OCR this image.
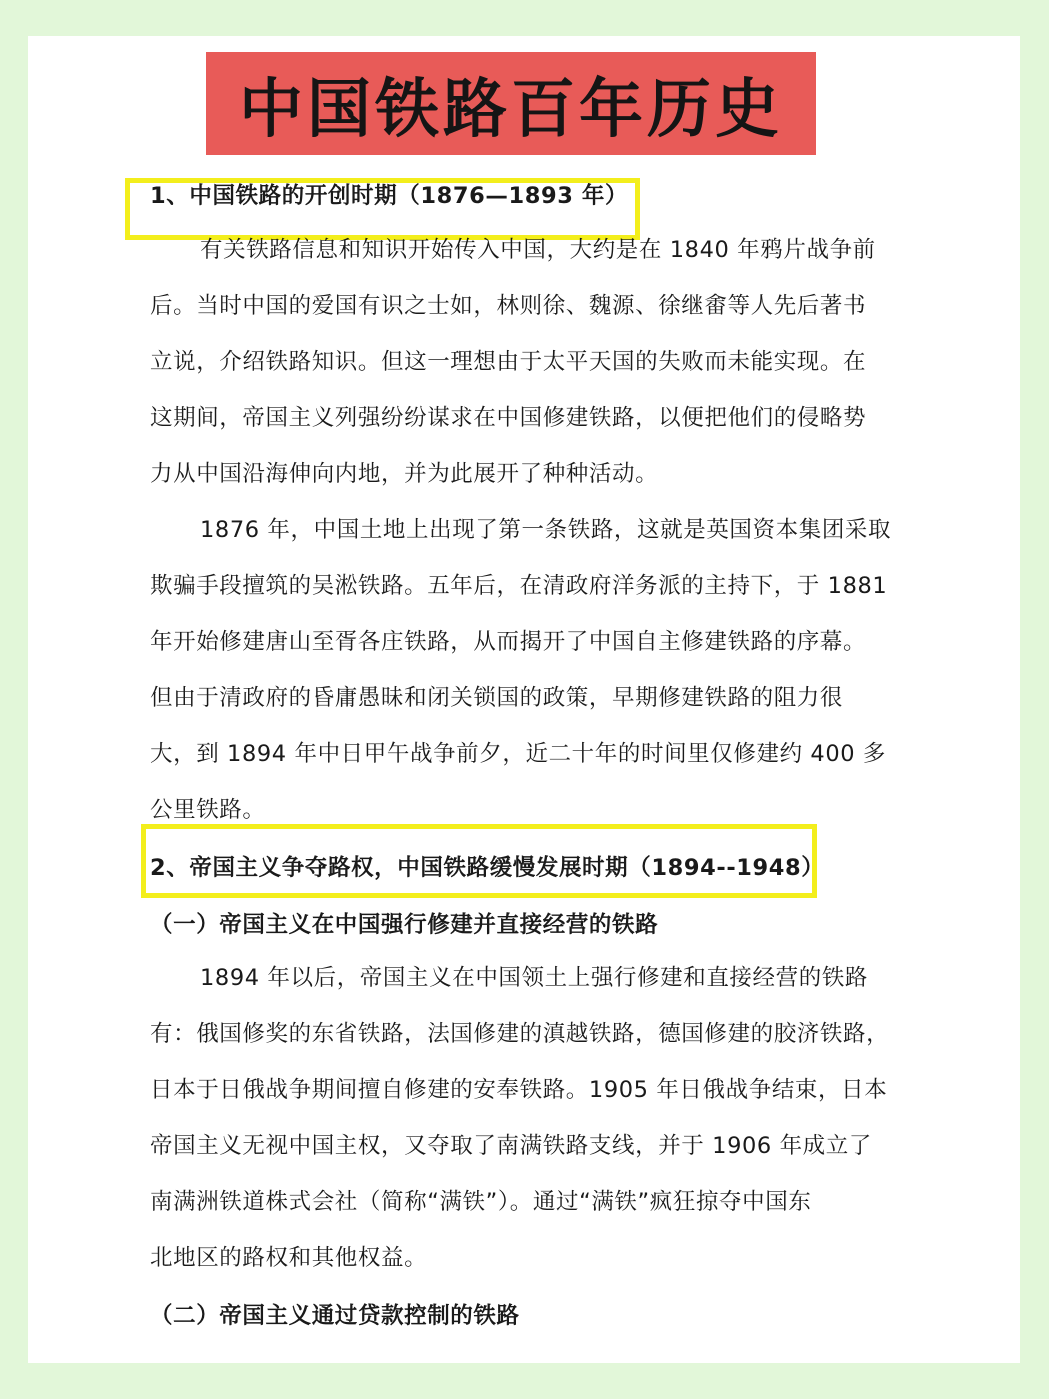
中国铁路百年历史

1、中国铁路的开创时期（1876—1893 年）

有关铁路信息和知识开始传入中国，大约是在 1840 年鸦片战争前
后。当时中国的爱国有识之士如，林则徐、魏源、徐继畬等人先后著书
立说，介绍铁路知识。但这一理想由于太平天国的失败而未能实现。在
这期间，帝国主义列强纷纷谋求在中国修建铁路，以便把他们的侵略势
力从中国沿海伸向内地，并为此展开了种种活动。
1876 年，中国土地上出现了第一条铁路，这就是英国资本集团采取
欺骗手段擅筑的吴淞铁路。五年后，在清政府洋务派的主持下，于 1881
年开始修建唐山至胥各庄铁路，从而揭开了中国自主修建铁路的序幕。
但由于清政府的昏庸愚昧和闭关锁国的政策，早期修建铁路的阻力很
大，到 1894 年中日甲午战争前夕，近二十年的时间里仅修建约 400 多
公里铁路。

2、帝国主义争夺路权，中国铁路缓慢发展时期（1894--1948）

（一）帝国主义在中国强行修建并直接经营的铁路

1894 年以后，帝国主义在中国领土上强行修建和直接经营的铁路
有：俄国修奖的东省铁路，法国修建的滇越铁路，德国修建的胶济铁路，
日本于日俄战争期间擅自修建的安奉铁路。1905 年日俄战争结束，日本
帝国主义无视中国主权，又夺取了南满铁路支线，并于 1906 年成立了
南满洲铁道株式会社（简称“满铁”）。通过“满铁”疯狂掠夺中国东
北地区的路权和其他权益。

（二）帝国主义通过贷款控制的铁路
